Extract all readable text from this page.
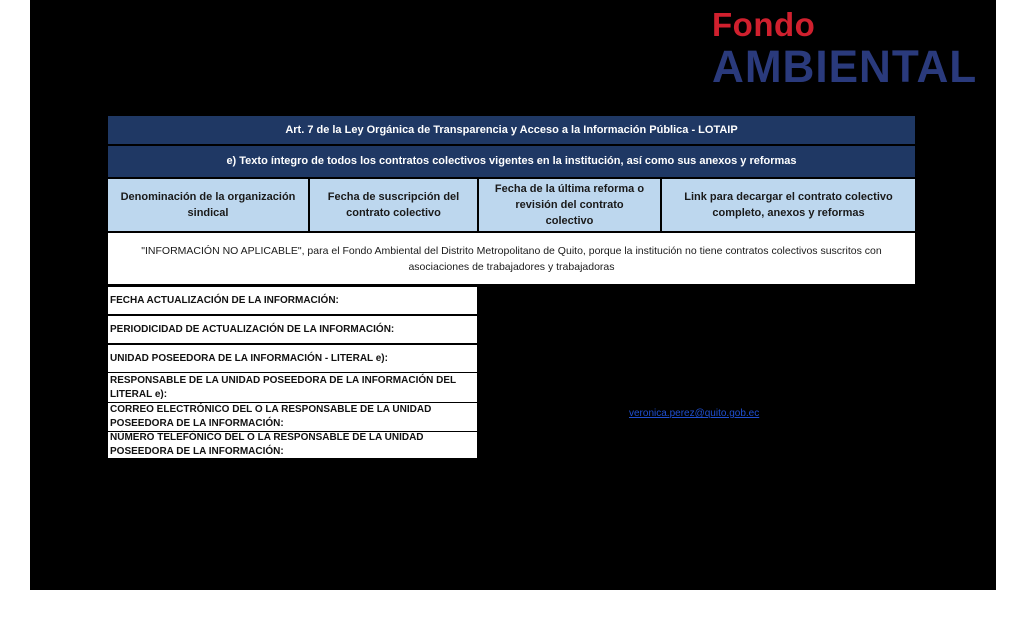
Fondo
AMBIENTAL
Art. 7 de la Ley Orgánica de Transparencia y Acceso a la Información Pública - LOTAIP
e) Texto íntegro de todos los contratos colectivos vigentes en la institución, así como sus anexos y reformas
Denominación de la organización sindical
Fecha de suscripción del contrato colectivo
Fecha de la última reforma o revisión del contrato colectivo
Link para decargar el contrato colectivo completo, anexos y reformas
"INFORMACIÓN NO APLICABLE", para el Fondo Ambiental del Distrito Metropolitano de Quito, porque la institución no tiene contratos colectivos suscritos con asociaciones de trabajadores y trabajadoras
FECHA ACTUALIZACIÓN DE LA INFORMACIÓN:
PERIODICIDAD DE ACTUALIZACIÓN DE LA INFORMACIÓN:
UNIDAD POSEEDORA DE LA INFORMACIÓN - LITERAL e):
RESPONSABLE DE LA UNIDAD POSEEDORA DE LA INFORMACIÓN DEL LITERAL e):
CORREO ELECTRÓNICO DEL O LA RESPONSABLE DE LA UNIDAD POSEEDORA DE LA INFORMACIÓN:
NÚMERO TELEFÓNICO DEL O LA RESPONSABLE DE LA UNIDAD POSEEDORA DE LA INFORMACIÓN:
veronica.perez@quito.gob.ec
